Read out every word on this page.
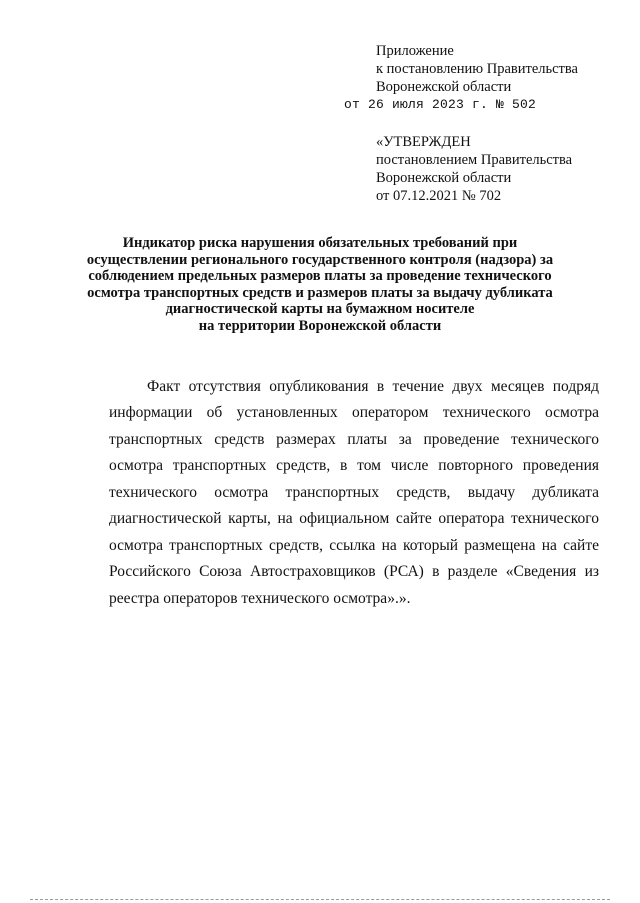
Приложение
к постановлению Правительства
Воронежской области
от 26 июля 2023 г. № 502
«УТВЕРЖДЕН
постановлением Правительства
Воронежской области
от 07.12.2021 № 702
Индикатор риска нарушения обязательных требований при
осуществлении регионального государственного контроля (надзора) за
соблюдением предельных размеров платы за проведение технического
осмотра транспортных средств и размеров платы за выдачу дубликата
диагностической карты на бумажном носителе
на территории Воронежской области

Факт отсутствия опубликования в течение двух месяцев подряд информации об установленных оператором технического осмотра транспортных средств размерах платы за проведение технического осмотра транспортных средств, в том числе повторного проведения технического осмотра транспортных средств, выдачу дубликата диагностической карты, на официальном сайте оператора технического осмотра транспортных средств, ссылка на который размещена на сайте Российского Союза Автостраховщиков (РСА) в разделе «Сведения из реестра операторов технического осмотра».».
